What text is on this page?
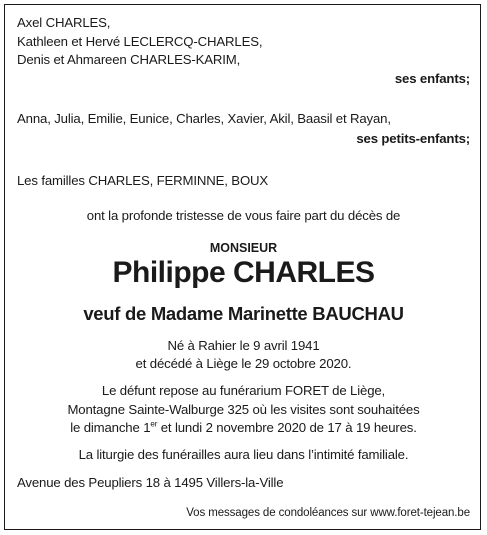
Axel CHARLES,
Kathleen et Hervé LECLERCQ-CHARLES,
Denis et Ahmareen CHARLES-KARIM,
ses enfants;
Anna, Julia, Emilie, Eunice, Charles, Xavier, Akil, Baasil et Rayan,
ses petits-enfants;
Les familles CHARLES, FERMINNE, BOUX
ont la profonde tristesse de vous faire part du décès de
MONSIEUR
Philippe CHARLES
veuf de Madame Marinette BAUCHAU
Né à Rahier le 9 avril 1941
et décédé à Liège le 29 octobre 2020.
Le défunt repose au funérarium FORET de Liège,
Montagne Sainte-Walburge 325 où les visites sont souhaitées
le dimanche 1er et lundi 2 novembre 2020 de 17 à 19 heures.
La liturgie des funérailles aura lieu dans l’intimité familiale.
Avenue des Peupliers 18 à 1495 Villers-la-Ville
Vos messages de condoléances sur www.foret-tejean.be
